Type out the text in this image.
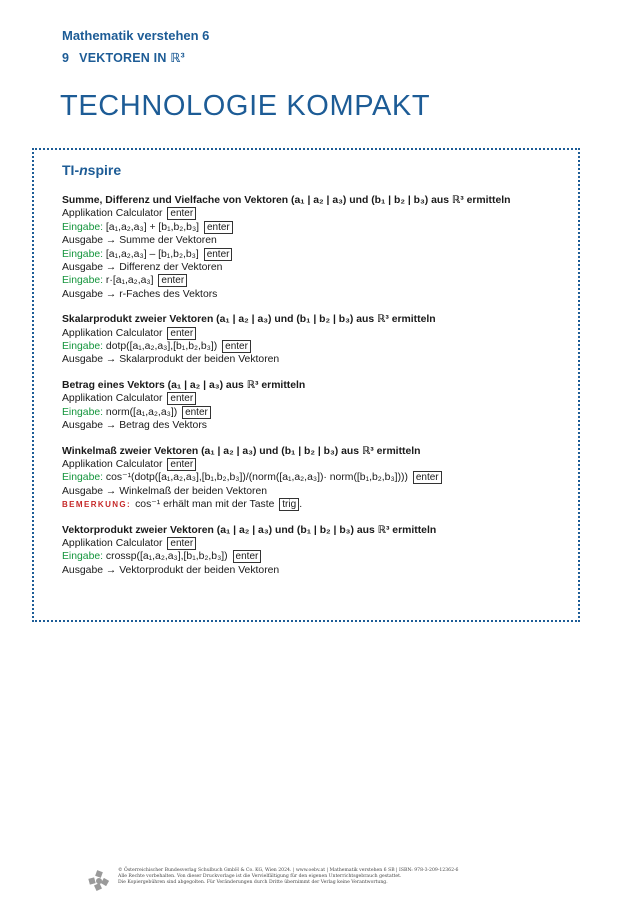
Mathematik verstehen 6
9 VEKTOREN IN ℝ³
TECHNOLOGIE KOMPAKT
TI-nspire
Summe, Differenz und Vielfache von Vektoren (a₁ | a₂ | a₃) und (b₁ | b₂ | b₃) aus ℝ³ ermitteln
Applikation Calculator enter
Eingabe: [a₁,a₂,a₃] + [b₁,b₂,b₃] enter
Ausgabe → Summe der Vektoren
Eingabe: [a₁,a₂,a₃] – [b₁,b₂,b₃] enter
Ausgabe → Differenz der Vektoren
Eingabe: r·[a₁,a₂,a₃] enter
Ausgabe → r-Faches des Vektors
Skalarprodukt zweier Vektoren (a₁ | a₂ | a₃) und (b₁ | b₂ | b₃) aus ℝ³ ermitteln
Applikation Calculator enter
Eingabe: dotp([a₁,a₂,a₃],[b₁,b₂,b₃]) enter
Ausgabe → Skalarprodukt der beiden Vektoren
Betrag eines Vektors (a₁ | a₂ | a₃) aus ℝ³ ermitteln
Applikation Calculator enter
Eingabe: norm([a₁,a₂,a₃]) enter
Ausgabe → Betrag des Vektors
Winkelmaß zweier Vektoren (a₁ | a₂ | a₃) und (b₁ | b₂ | b₃) aus ℝ³ ermitteln
Applikation Calculator enter
Eingabe: cos⁻¹(dotp([a₁,a₂,a₃],[b₁,b₂,b₃])/(norm([a₁,a₂,a₃])· norm([b₁,b₂,b₃]))) enter
Ausgabe → Winkelmaß der beiden Vektoren
BEMERKUNG: cos⁻¹ erhält man mit der Taste trig .
Vektorprodukt zweier Vektoren (a₁ | a₂ | a₃) und (b₁ | b₂ | b₃) aus ℝ³ ermitteln
Applikation Calculator enter
Eingabe: crossp([a₁,a₂,a₃],[b₁,b₂,b₃]) enter
Ausgabe → Vektorprodukt der beiden Vektoren
© Österreichischer Bundesverlag Schulbuch GmbH & Co. KG, Wien 2024. | www.oebv.at | Mathematik verstehen 6 SB | ISBN: 978-3-209-12362-6
Alle Rechte vorbehalten. Von dieser Druckvorlage ist die Vervielfältigung für den eigenen Unterrichtsgebrauch gestattet.
Die Kopiergebühren sind abgegolten. Für Veränderungen durch Dritte übernimmt der Verlag keine Verantwortung.
